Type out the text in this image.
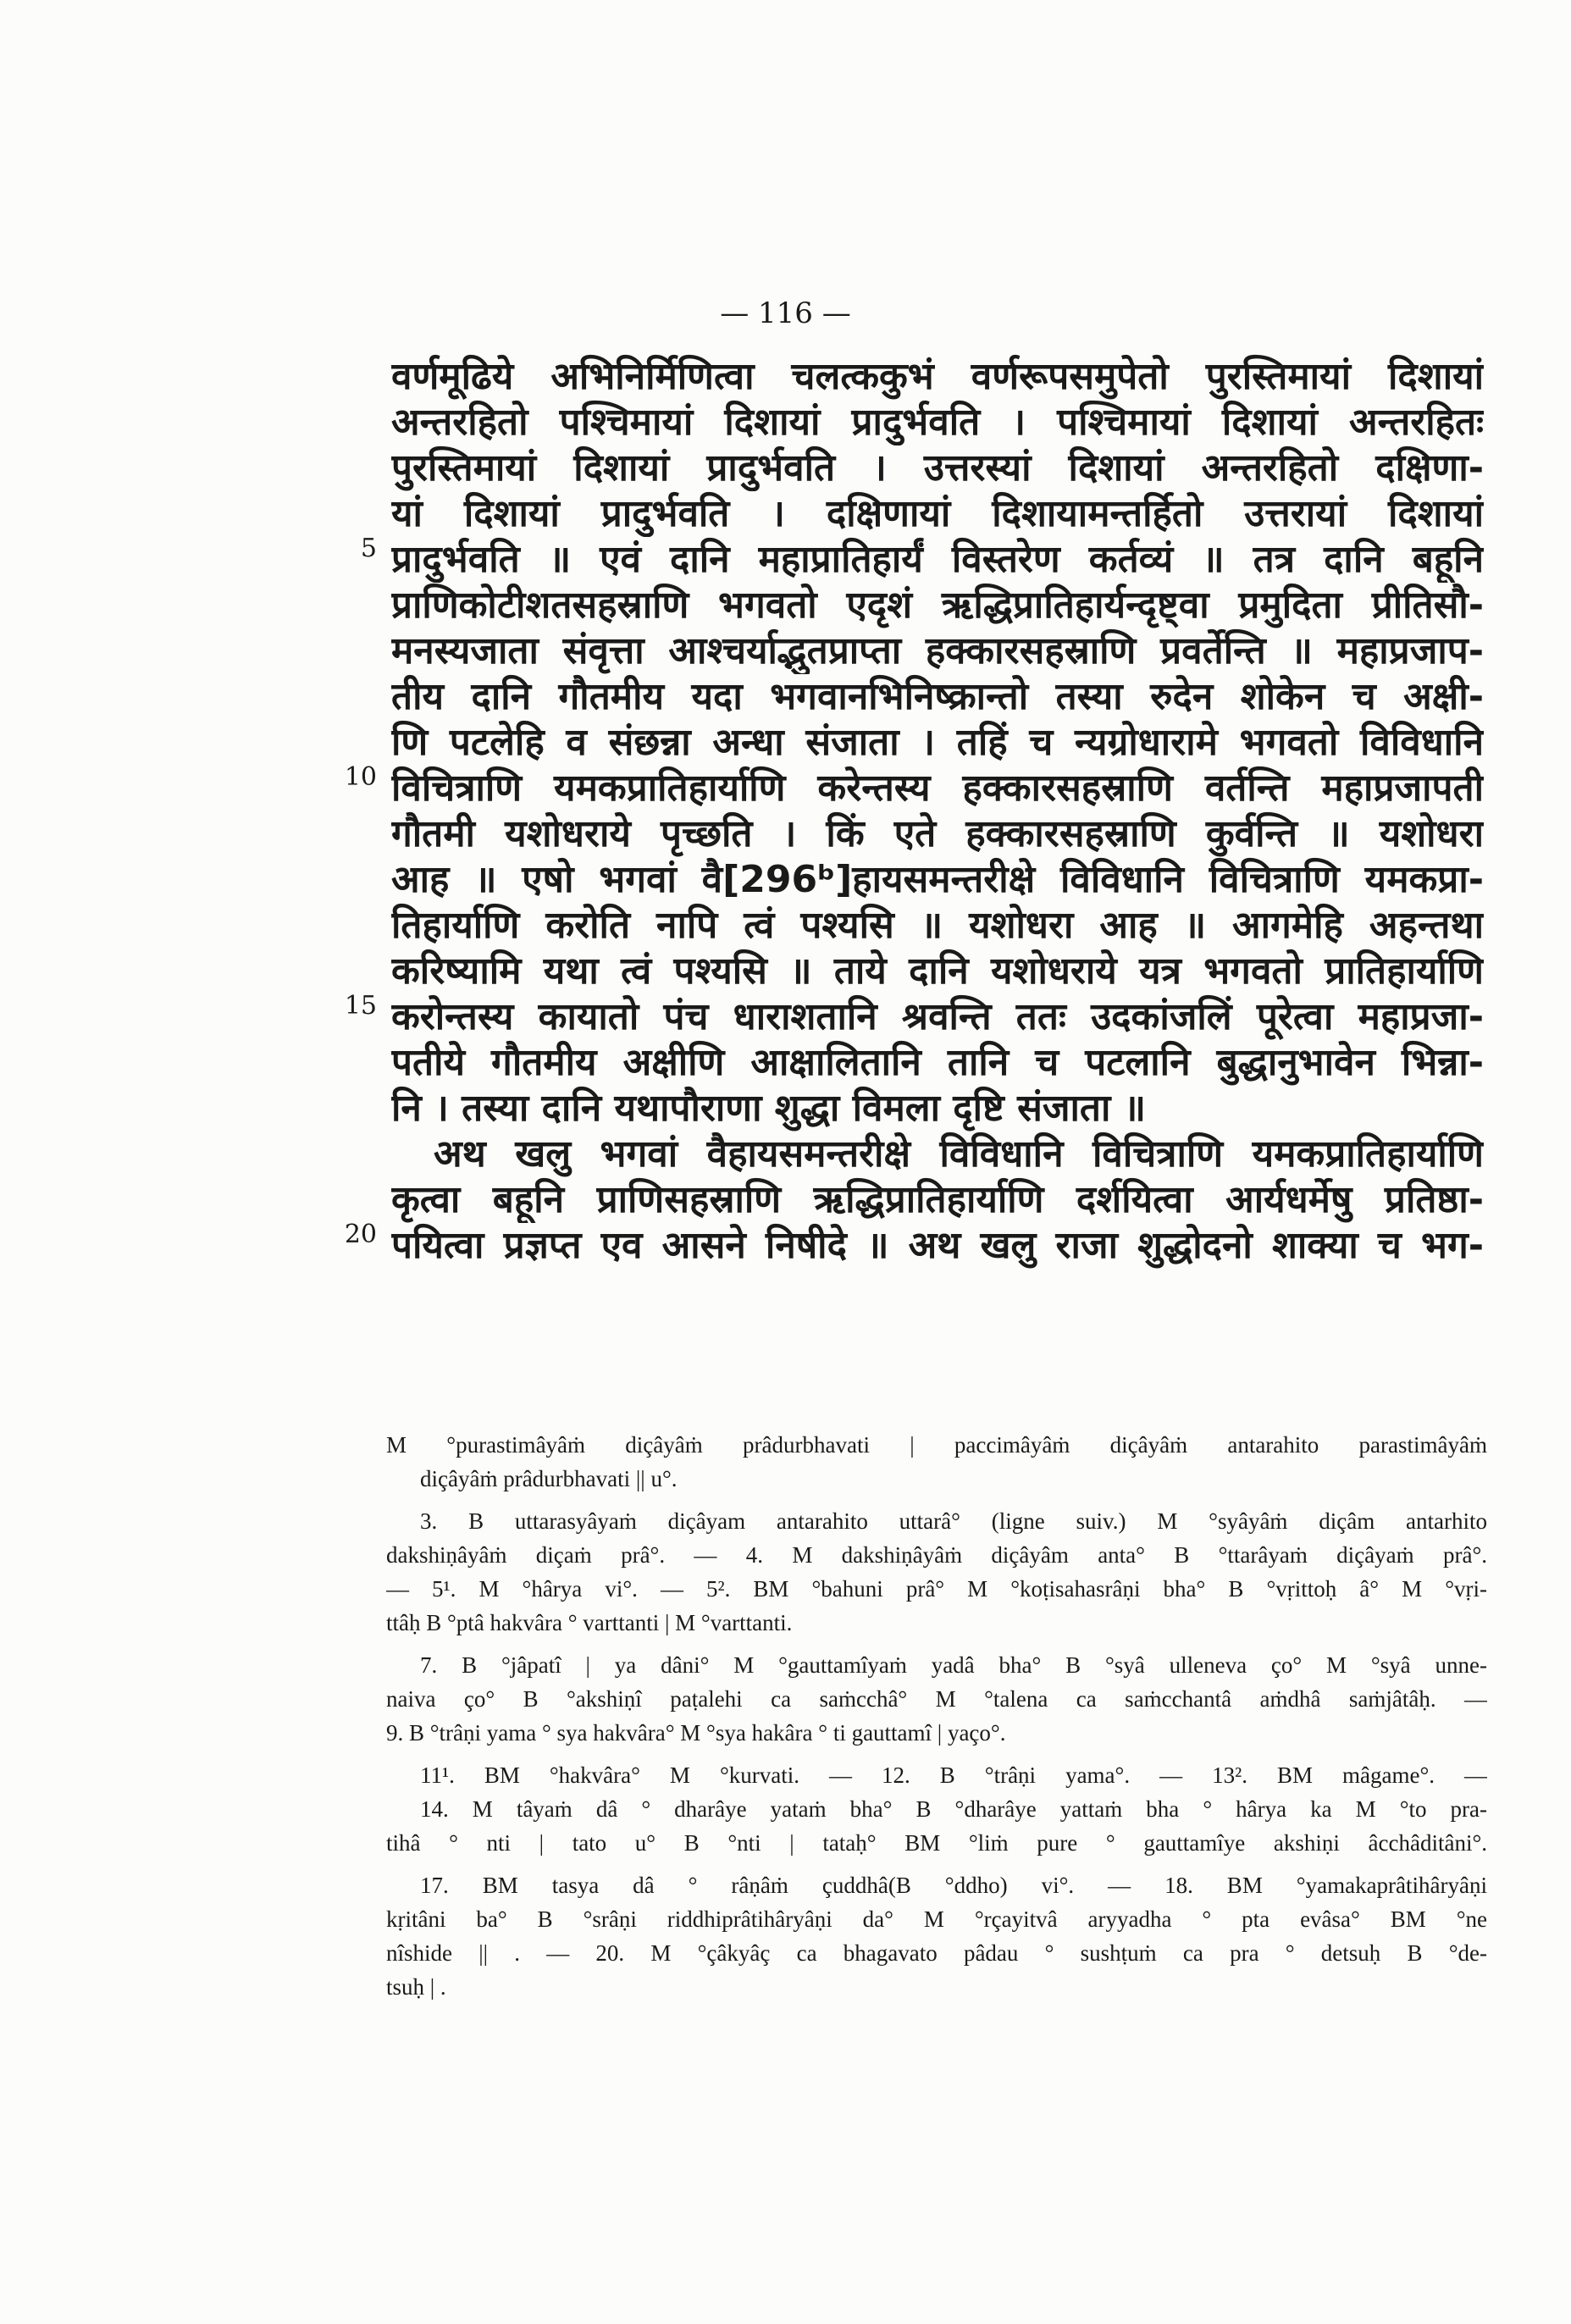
— 116 —
वर्णमूढिये अभिनिर्मिणित्वा चलत्ककुभं वर्णरूपसमुपेतो पुरस्तिमायां दिशायां
अन्तरहितो पश्चिमायां दिशायां प्रादुर्भवति । पश्चिमायां दिशायां अन्तरहितः
पुरस्तिमायां दिशायां प्रादुर्भवति । उत्तरस्यां दिशायां अन्तरहितो दक्षिणा-
यां दिशायां प्रादुर्भवति । दक्षिणायां दिशायामन्तर्हितो उत्तरायां दिशायां
प्रादुर्भवति ॥ एवं दानि महाप्रातिहार्यं विस्तरेण कर्तव्यं ॥ तत्र दानि बहूनि
प्राणिकोटीशतसहस्राणि भगवतो एदृशं ऋद्धिप्रातिहार्यन्दृष्ट्वा प्रमुदिता प्रीतिसौ-
मनस्यजाता संवृत्ता आश्चर्याद्भुतप्राप्ता हक्कारसहस्राणि प्रवर्तेन्ति ॥ महाप्रजाप-
तीय दानि गौतमीय यदा भगवानभिनिष्क्रान्तो तस्या रुदेन शोकेन च अक्षी-
णि पटलेहि व संछन्ना अन्धा संजाता । तहिं च न्यग्रोधारामे भगवतो विविधानि
विचित्राणि यमकप्रातिहार्याणि करेन्तस्य हक्कारसहस्राणि वर्तन्ति महाप्रजापती
गौतमी यशोधराये पृच्छति । किं एते हक्कारसहस्राणि कुर्वन्ति ॥ यशोधरा
आह ॥ एषो भगवां वै[296ᵇ]हायसमन्तरीक्षे विविधानि विचित्राणि यमकप्रा-
तिहार्याणि करोति नापि त्वं पश्यसि ॥ यशोधरा आह ॥ आगमेहि अहन्तथा
करिष्यामि यथा त्वं पश्यसि ॥ ताये दानि यशोधराये यत्र भगवतो प्रातिहार्याणि
करोन्तस्य कायातो पंच धाराशतानि श्रवन्ति ततः उदकांजलिं पूरेत्वा महाप्रजा-
पतीये गौतमीय अक्षीणि आक्षालितानि तानि च पटलानि बुद्धानुभावेन भिन्ना-
नि । तस्या दानि यथापौराणा शुद्धा विमला दृष्टि संजाता ॥
अथ खलु भगवां वैहायसमन्तरीक्षे विविधानि विचित्राणि यमकप्रातिहार्याणि
कृत्वा बहूनि प्राणिसहस्राणि ऋद्धिप्रातिहार्याणि दर्शयित्वा आर्यधर्मेषु प्रतिष्ठा-
पयित्वा प्रज्ञप्त एव आसने निषीदे ॥ अथ खलु राजा शुद्धोदनो शाक्या च भग-
5
10
15
20
M °purastimâyâṁ diçâyâṁ prâdurbhavati | paccimâyâṁ diçâyâṁ antarahito parastimâyâṁ
diçâyâṁ prâdurbhavati || u°.
3. B uttarasyâyaṁ diçâyam antarahito uttarâ° (ligne suiv.) M °syâyâṁ diçâm antarhito
dakshiṇâyâṁ diçaṁ prâ°. — 4. M dakshiṇâyâṁ diçâyâm anta° B °ttarâyaṁ diçâyaṁ prâ°.
— 5¹. M °hârya vi°. — 5². BM °bahuni prâ° M °koṭisahasrâṇi bha° B °vṛittoḥ â° M °vṛi-
ttâḥ B °ptâ hakvâra ° varttanti | M °varttanti.
7. B °jâpatî | ya dâni° M °gauttamîyaṁ yadâ bha° B °syâ ulleneva ço° M °syâ unne-
naiva ço° B °akshiṇî paṭalehi ca saṁcchâ° M °talena ca saṁcchantâ aṁdhâ saṁjâtâḥ. —
9. B °trâṇi yama ° sya hakvâra° M °sya hakâra ° ti gauttamî | yaço°.
11¹. BM °hakvâra° M °kurvati. — 12. B °trâṇi yama°. — 13². BM mâgame°. —
14. M tâyaṁ dâ ° dharâye yataṁ bha° B °dharâye yattaṁ bha ° hârya ka M °to pra-
tihâ ° nti | tato u° B °nti | tataḥ° BM °liṁ pure ° gauttamîye akshiṇi âcchâditâni°.
17. BM tasya dâ ° râṇâṁ çuddhâ(B °ddho) vi°. — 18. BM °yamakaprâtihâryâṇi
kṛitâni ba° B °srâṇi riddhiprâtihâryâṇi da° M °rçayitvâ aryyadha ° pta evâsa° BM °ne
nîshide || . — 20. M °çâkyâç ca bhagavato pâdau ° sushṭuṁ ca pra ° detsuḥ B °de-
tsuḥ | .
